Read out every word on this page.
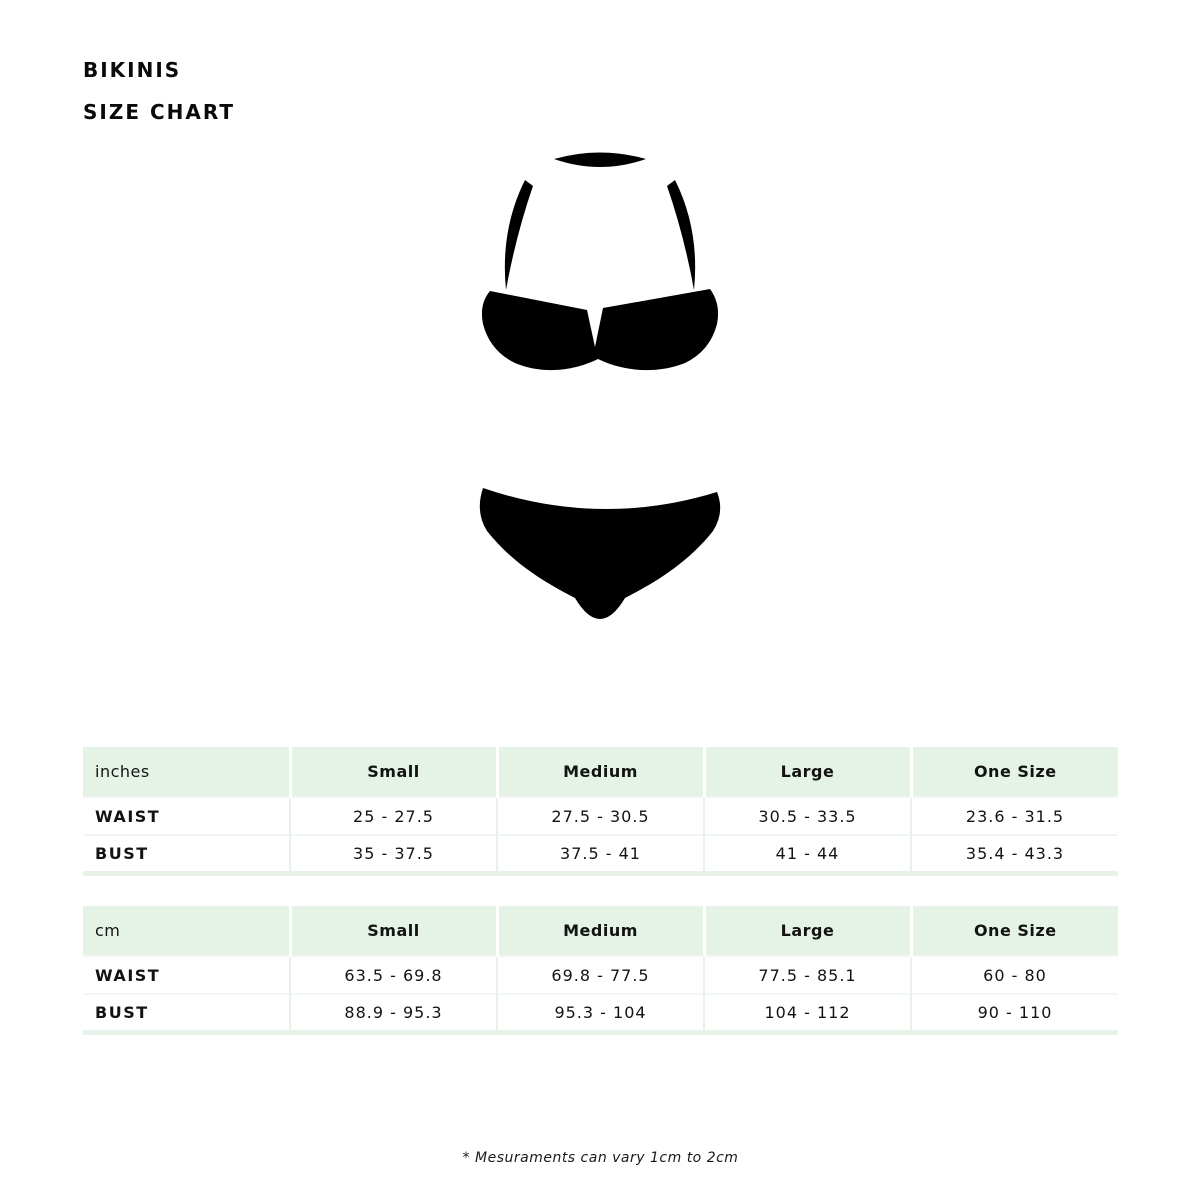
BIKINIS
SIZE CHART
inches	Small	Medium	Large	One Size
WAIST	25 - 27.5	27.5 - 30.5	30.5 - 33.5	23.6 - 31.5
BUST	35 - 37.5	37.5 - 41	41 - 44	35.4 - 43.3
cm	Small	Medium	Large	One Size
WAIST	63.5 - 69.8	69.8 - 77.5	77.5 - 85.1	60 - 80
BUST	88.9 - 95.3	95.3 - 104	104 - 112	90 - 110
* Mesuraments can vary 1cm to 2cm
